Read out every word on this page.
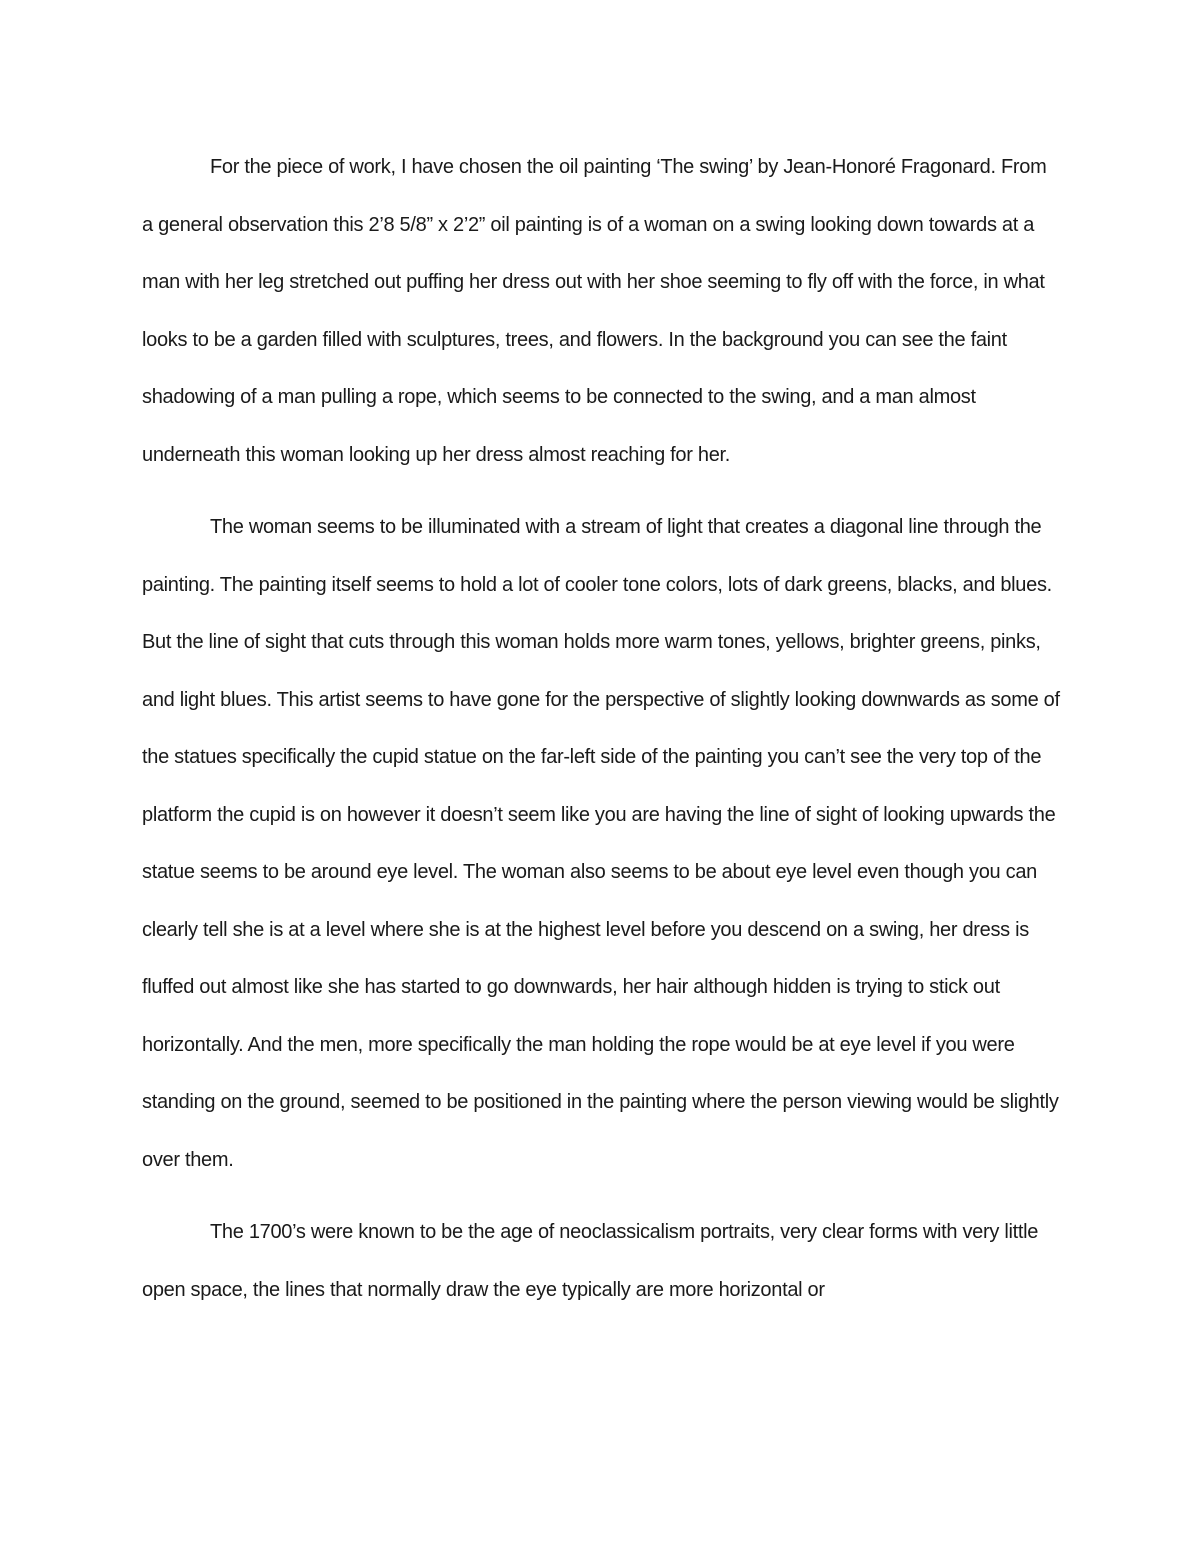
For the piece of work, I have chosen the oil painting ‘The swing’ by Jean-Honoré Fragonard. From a general observation this 2’8 5/8” x 2’2” oil painting is of a woman on a swing looking down towards at a man with her leg stretched out puffing her dress out with her shoe seeming to fly off with the force, in what looks to be a garden filled with sculptures, trees, and flowers. In the background you can see the faint shadowing of a man pulling a rope, which seems to be connected to the swing, and a man almost underneath this woman looking up her dress almost reaching for her.

The woman seems to be illuminated with a stream of light that creates a diagonal line through the painting. The painting itself seems to hold a lot of cooler tone colors, lots of dark greens, blacks, and blues. But the line of sight that cuts through this woman holds more warm tones, yellows, brighter greens, pinks, and light blues. This artist seems to have gone for the perspective of slightly looking downwards as some of the statues specifically the cupid statue on the far-left side of the painting you can’t see the very top of the platform the cupid is on however it doesn’t seem like you are having the line of sight of looking upwards the statue seems to be around eye level. The woman also seems to be about eye level even though you can clearly tell she is at a level where she is at the highest level before you descend on a swing, her dress is fluffed out almost like she has started to go downwards, her hair although hidden is trying to stick out horizontally. And the men, more specifically the man holding the rope would be at eye level if you were standing on the ground, seemed to be positioned in the painting where the person viewing would be slightly over them.

The 1700’s were known to be the age of neoclassicalism portraits, very clear forms with very little open space, the lines that normally draw the eye typically are more horizontal or
